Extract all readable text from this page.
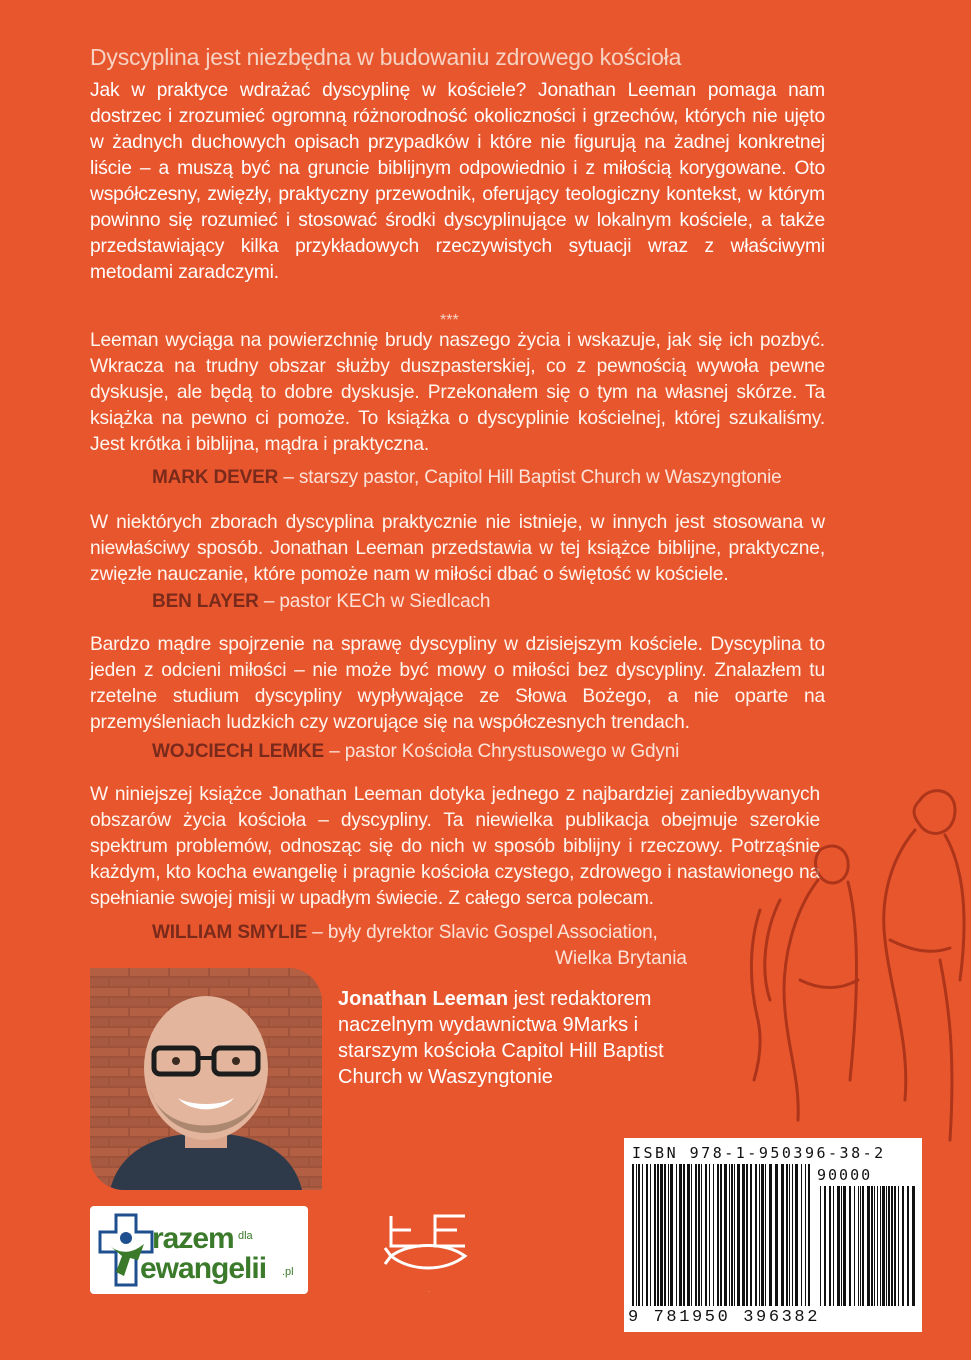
Dyscyplina jest niezbędna w budowaniu zdrowego kościoła
Jak w praktyce wdrażać dyscyplinę w kościele? Jonathan Leeman pomaga nam dostrzec i zrozumieć ogromną różnorodność okoliczności i grzechów, których nie ujęto w żadnych duchowych opisach przypadków i które nie figurują na żadnej konkretnej liście – a muszą być na gruncie biblijnym odpowiednio i z miłością korygowane. Oto współczesny, zwięzły, praktyczny przewodnik, oferujący teologiczny kontekst, w którym powinno się rozumieć i stosować środki dyscyplinujące w lokalnym kościele, a także przedstawiający kilka przykładowych rzeczywistych sytuacji wraz z właściwymi metodami zaradczymi.
***
Leeman wyciąga na powierzchnię brudy naszego życia i wskazuje, jak się ich pozbyć. Wkracza na trudny obszar służby duszpasterskiej, co z pewnością wywoła pewne dyskusje, ale będą to dobre dyskusje. Przekonałem się o tym na własnej skórze. Ta książka na pewno ci pomoże. To książka o dyscyplinie kościelnej, której szukaliśmy. Jest krótka i biblijna, mądra i praktyczna.
MARK DEVER – starszy pastor, Capitol Hill Baptist Church w Waszyngtonie
W niektórych zborach dyscyplina praktycznie nie istnieje, w innych jest stosowana w niewłaściwy sposób. Jonathan Leeman przedstawia w tej książce biblijne, praktyczne, zwięzłe nauczanie, które pomoże nam w miłości dbać o świętość w kościele.
BEN LAYER – pastor KECh w Siedlcach
Bardzo mądre spojrzenie na sprawę dyscypliny w dzisiejszym kościele. Dyscyplina to jeden z odcieni miłości – nie może być mowy o miłości bez dyscypliny. Znalazłem tu rzetelne studium dyscypliny wypływające ze Słowa Bożego, a nie oparte na przemyśleniach ludzkich czy wzorujące się na współczesnych trendach.
WOJCIECH LEMKE – pastor Kościoła Chrystusowego w Gdyni
W niniejszej książce Jonathan Leeman dotyka jednego z najbardziej zaniedbywanych obszarów życia kościoła – dyscypliny. Ta niewielka publikacja obejmuje szerokie spektrum problemów, odnosząc się do nich w sposób biblijny i rzeczowy. Potrząśnie każdym, kto kocha ewangelię i pragnie kościoła czystego, zdrowego i nastawionego na spełnianie swojej misji w upadłym świecie. Z całego serca polecam.
WILLIAM SMYLIE – były dyrektor Slavic Gospel Association,
Wielka Brytania
Jonathan Leeman jest redaktorem naczelnym wydawnictwa 9Marks i starszym kościoła Capitol Hill Baptist Church w Waszyngtonie
ISBN 978-1-950396-38-2
90000
9 781950 396382
razem dla
ewangelii .pl
FE
